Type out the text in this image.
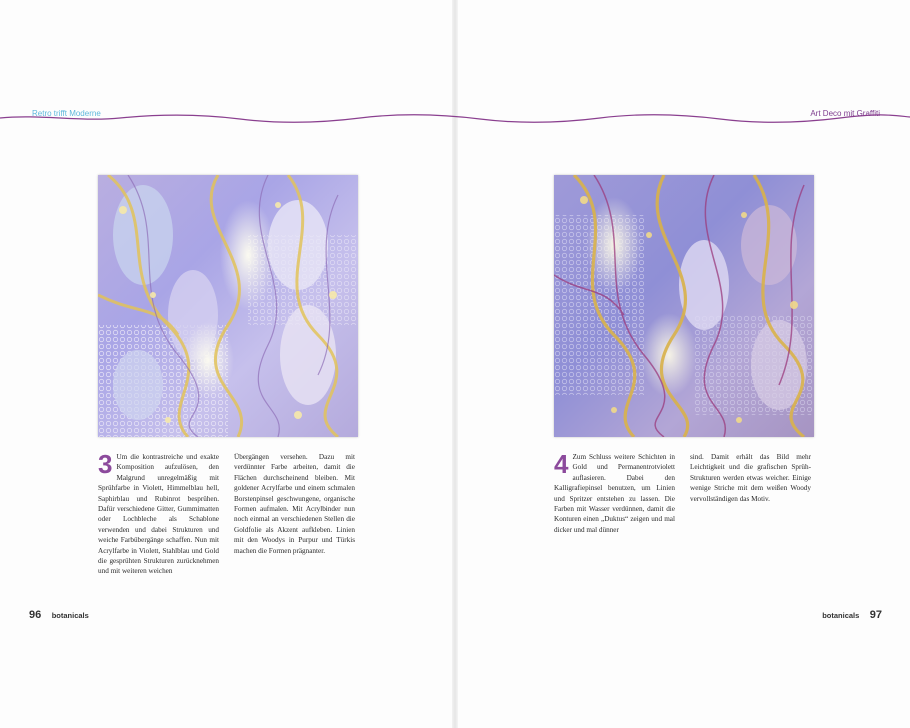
Retro trifft Moderne	Art Deco mit Graffiti
3 Um die kontrastreiche und exakte Komposition aufzulösen, den Malgrund unregelmäßig mit Sprühfarbe in Violett, Himmelblau hell, Saphirblau und Rubinrot besprühen. Dafür verschiedene Gitter, Gummimatten oder Lochbleche als Schablone verwenden und dabei Strukturen und weiche Farbübergänge schaffen. Nun mit Acrylfarbe in Violett, Stahlblau und Gold die gesprühten Strukturen zurücknehmen und mit weiteren weichen

Übergängen versehen. Dazu mit verdünnter Farbe arbeiten, damit die Flächen durchscheinend bleiben. Mit goldener Acrylfarbe und einem schmalen Borstenpinsel geschwungene, organische Formen aufmalen. Mit Acrylbinder nun noch einmal an verschiedenen Stellen die Goldfolie als Akzent aufkleben. Linien mit den Woodys in Purpur und Türkis machen die Formen prägnanter.

4 Zum Schluss weitere Schichten in Gold und Permanentrotviolett auflasieren. Dabei den Kalligrafiepinsel benutzen, um Linien und Spritzer entstehen zu lassen. Die Farben mit Wasser verdünnen, damit die Konturen einen „Duktus“ zeigen und mal dicker und mal dünner

sind. Damit erhält das Bild mehr Leichtigkeit und die grafischen Sprüh-Strukturen werden etwas weicher. Einige wenige Striche mit dem weißen Woody vervollständigen das Motiv.

96 botanicals	botanicals 97
